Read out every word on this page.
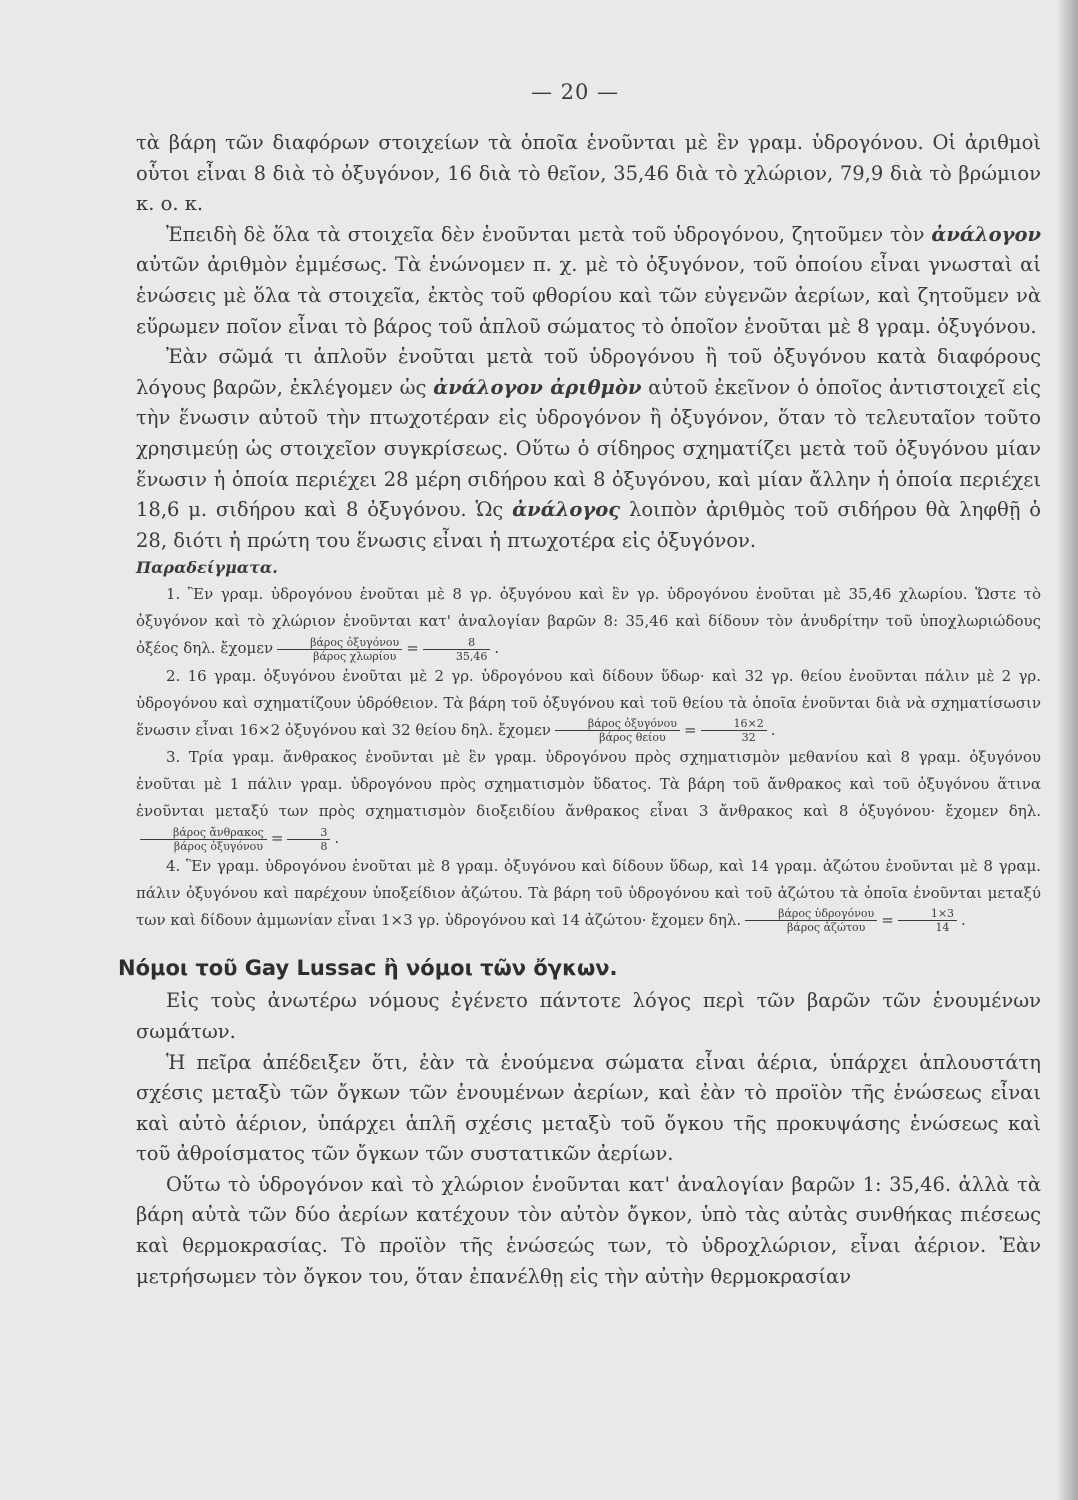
— 20 —

τὰ βάρη τῶν διαφόρων στοιχείων τὰ ὁποῖα ἑνοῦνται μὲ ἓν γραμ. ὑδρογόνου. Οἱ ἀριθμοὶ οὗτοι εἶναι 8 διὰ τὸ ὀξυγόνον, 16 διὰ τὸ θεῖον, 35,46 διὰ τὸ χλώριον, 79,9 διὰ τὸ βρώμιον κ. ο. κ.

Ἐπειδὴ δὲ ὅλα τὰ στοιχεῖα δὲν ἑνοῦνται μετὰ τοῦ ὑδρογόνου, ζητοῦμεν τὸν ἀνάλογον αὐτῶν ἀριθμὸν ἐμμέσως. Τὰ ἑνώνομεν π. χ. μὲ τὸ ὀξυγόνον, τοῦ ὁποίου εἶναι γνωσταὶ αἱ ἑνώσεις μὲ ὅλα τὰ στοιχεῖα, ἐκτὸς τοῦ φθορίου καὶ τῶν εὐγενῶν ἀερίων, καὶ ζητοῦμεν νὰ εὕρωμεν ποῖον εἶναι τὸ βάρος τοῦ ἁπλοῦ σώματος τὸ ὁποῖον ἑνοῦται μὲ 8 γραμ. ὀξυγόνου.

Ἐὰν σῶμά τι ἁπλοῦν ἑνοῦται μετὰ τοῦ ὑδρογόνου ἢ τοῦ ὀξυγόνου κατὰ διαφόρους λόγους βαρῶν, ἐκλέγομεν ὡς ἀνάλογον ἀριθμὸν αὐτοῦ ἐκεῖνον ὁ ὁποῖος ἀντιστοιχεῖ εἰς τὴν ἕνωσιν αὐτοῦ τὴν πτωχοτέραν εἰς ὑδρογόνον ἢ ὀξυγόνον, ὅταν τὸ τελευταῖον τοῦτο χρησιμεύῃ ὡς στοιχεῖον συγκρίσεως. Οὕτω ὁ σίδηρος σχηματίζει μετὰ τοῦ ὀξυγόνου μίαν ἕνωσιν ἡ ὁποία περιέχει 28 μέρη σιδήρου καὶ 8 ὀξυγόνου, καὶ μίαν ἄλλην ἡ ὁποία περιέχει 18,6 μ. σιδήρου καὶ 8 ὀξυγόνου. Ὡς ἀνάλογος λοιπὸν ἀριθμὸς τοῦ σιδήρου θὰ ληφθῇ ὁ 28, διότι ἡ πρώτη του ἕνωσις εἶναι ἡ πτωχοτέρα εἰς ὀξυγόνον.

Παραδείγματα.

1. Ἓν γραμ. ὑδρογόνου ἑνοῦται μὲ 8 γρ. ὀξυγόνου καὶ ἓν γρ. ὑδρογόνου ἑνοῦται μὲ 35,46 χλωρίου. Ὥστε τὸ ὀξυγόνον καὶ τὸ χλώριον ἑνοῦνται κατ' ἀναλογίαν βαρῶν 8: 35,46 καὶ δίδουν τὸν ἀνυδρίτην τοῦ ὑποχλωριώδους ὀξέος δηλ. ἔχομεν $\frac{\text{βάρος ὀξυγόνου}}{\text{βάρος χλωρίου}} = \frac{8}{35,46}$ .

2. 16 γραμ. ὀξυγόνου ἑνοῦται μὲ 2 γρ. ὑδρογόνου καὶ δίδουν ὕδωρ· καὶ 32 γρ. θείου ἑνοῦνται πάλιν μὲ 2 γρ. ὑδρογόνου καὶ σχηματίζουν ὑδρόθειον. Τὰ βάρη τοῦ ὀξυγόνου καὶ τοῦ θείου τὰ ὁποῖα ἑνοῦνται διὰ νὰ σχηματίσωσιν ἕνωσιν εἶναι 16×2 ὀξυγόνου καὶ 32 θείου δηλ. ἔχομεν $\frac{\text{βάρος ὀξυγόνου}}{\text{βάρος θείου}} = \frac{16\times 2}{32}$ .

3. Τρία γραμ. ἄνθρακος ἑνοῦνται μὲ ἓν γραμ. ὑδρογόνου πρὸς σχηματισμὸν μεθανίου καὶ 8 γραμ. ὀξυγόνου ἑνοῦται μὲ 1 πάλιν γραμ. ὑδρογόνου πρὸς σχηματισμὸν ὕδατος. Τὰ βάρη τοῦ ἄνθρακος καὶ τοῦ ὀξυγόνου ἅτινα ἑνοῦνται μεταξύ των πρὸς σχηματισμὸν διοξειδίου ἄνθρακος εἶναι 3 ἄνθρακος καὶ 8 ὀξυγόνου· ἔχομεν δηλ.
$\frac{\text{βάρος ἄνθρακος}}{\text{βάρος ὀξυγόνου}} = \frac{3}{8}$ .

4. Ἓν γραμ. ὑδρογόνου ἑνοῦται μὲ 8 γραμ. ὀξυγόνου καὶ δίδουν ὕδωρ, καὶ 14 γραμ. ἀζώτου ἑνοῦνται μὲ 8 γραμ. πάλιν ὀξυγόνου καὶ παρέχουν ὑποξείδιον ἀζώτου. Τὰ βάρη τοῦ ὑδρογόνου καὶ τοῦ ἀζώτου τὰ ὁποῖα ἑνοῦνται μεταξύ των καὶ δίδουν ἀμμωνίαν εἶναι 1×3 γρ. ὑδρογόνου καὶ 14 ἀζώτου· ἔχομεν δηλ. $\frac{\text{βάρος ὑδρογόνου}}{\text{βάρος ἀζώτου}} = \frac{1\times 3}{14}$ .

Νόμοι τοῦ Gay Lussac ἢ νόμοι τῶν ὄγκων.

Εἰς τοὺς ἀνωτέρω νόμους ἐγένετο πάντοτε λόγος περὶ τῶν βαρῶν τῶν ἑνουμένων σωμάτων.

Ἡ πεῖρα ἀπέδειξεν ὅτι, ἐὰν τὰ ἑνούμενα σώματα εἶναι ἀέρια, ὑπάρχει ἁπλουστάτη σχέσις μεταξὺ τῶν ὄγκων τῶν ἑνουμένων ἀερίων, καὶ ἐὰν τὸ προϊὸν τῆς ἑνώσεως εἶναι καὶ αὐτὸ ἀέριον, ὑπάρχει ἁπλῆ σχέσις μεταξὺ τοῦ ὄγκου τῆς προκυψάσης ἑνώσεως καὶ τοῦ ἀθροίσματος τῶν ὄγκων τῶν συστατικῶν ἀερίων.

Οὕτω τὸ ὑδρογόνον καὶ τὸ χλώριον ἑνοῦνται κατ' ἀναλογίαν βαρῶν 1: 35,46. ἀλλὰ τὰ βάρη αὐτὰ τῶν δύο ἀερίων κατέχουν τὸν αὐτὸν ὄγκον, ὑπὸ τὰς αὐτὰς συνθήκας πιέσεως καὶ θερμοκρασίας. Τὸ προϊὸν τῆς ἑνώσεώς των, τὸ ὑδροχλώριον, εἶναι ἀέριον. Ἐὰν μετρήσωμεν τὸν ὄγκον του, ὅταν ἐπανέλθῃ εἰς τὴν αὐτὴν θερμοκρασίαν
